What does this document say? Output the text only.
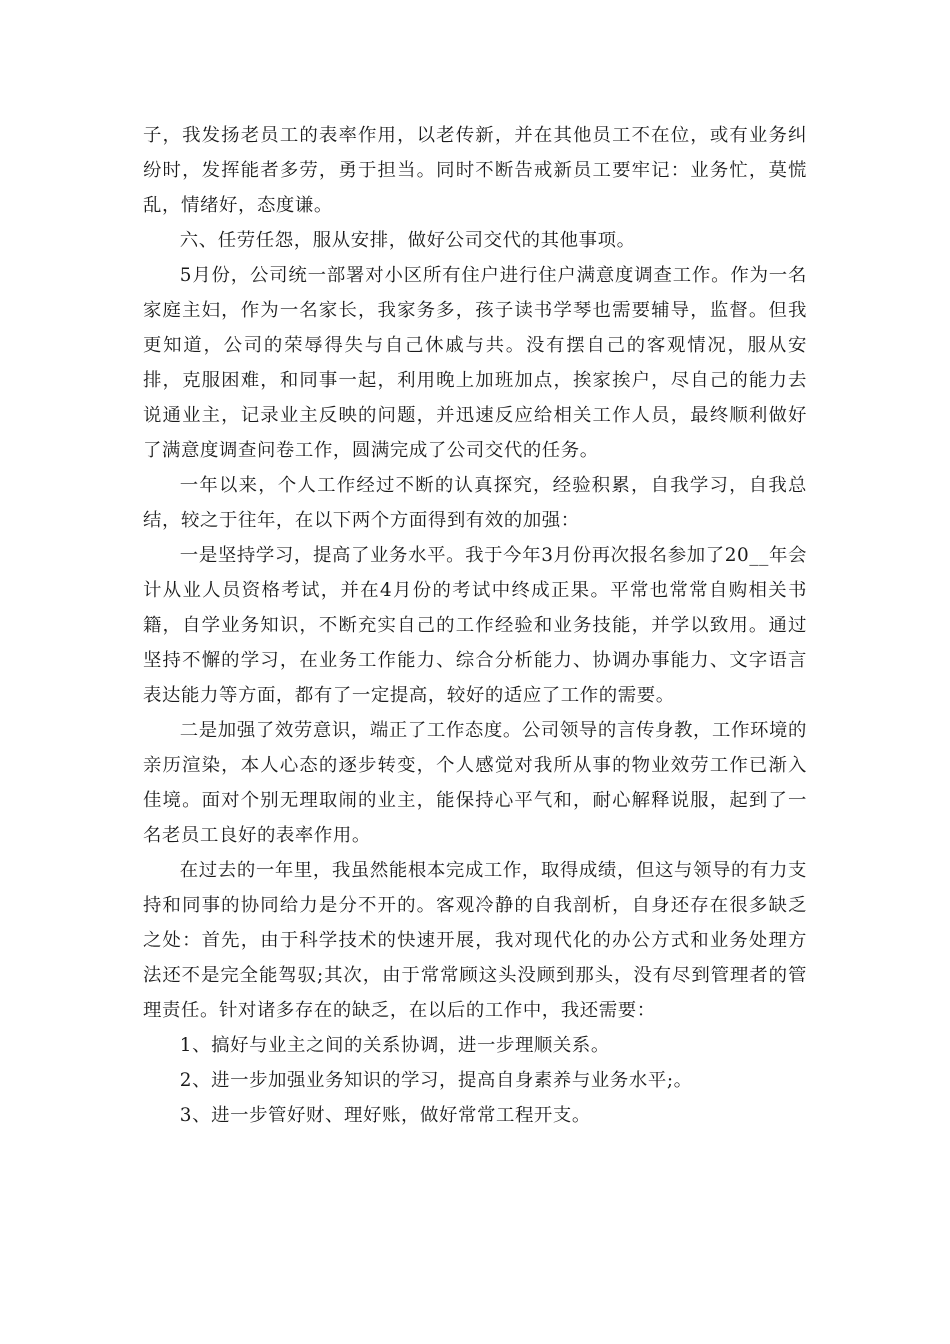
子，我发扬老员工的表率作用，以老传新，并在其他员工不在位，或有业务纠纷时，发挥能者多劳，勇于担当。同时不断告戒新员工要牢记：业务忙，莫慌乱，情绪好，态度谦。

六、任劳任怨，服从安排，做好公司交代的其他事项。

5月份，公司统一部署对小区所有住户进行住户满意度调查工作。作为一名家庭主妇，作为一名家长，我家务多，孩子读书学琴也需要辅导，监督。但我更知道，公司的荣辱得失与自己休戚与共。没有摆自己的客观情况，服从安排，克服困难，和同事一起，利用晚上加班加点，挨家挨户，尽自己的能力去说通业主，记录业主反映的问题，并迅速反应给相关工作人员，最终顺利做好了满意度调查问卷工作，圆满完成了公司交代的任务。

一年以来，个人工作经过不断的认真探究，经验积累，自我学习，自我总结，较之于往年，在以下两个方面得到有效的加强：

一是坚持学习，提高了业务水平。我于今年3月份再次报名参加了20__年会计从业人员资格考试，并在4月份的考试中终成正果。平常也常常自购相关书籍，自学业务知识，不断充实自己的工作经验和业务技能，并学以致用。通过坚持不懈的学习，在业务工作能力、综合分析能力、协调办事能力、文字语言表达能力等方面，都有了一定提高，较好的适应了工作的需要。

二是加强了效劳意识，端正了工作态度。公司领导的言传身教，工作环境的亲历渲染，本人心态的逐步转变，个人感觉对我所从事的物业效劳工作已渐入佳境。面对个别无理取闹的业主，能保持心平气和，耐心解释说服，起到了一名老员工良好的表率作用。

在过去的一年里，我虽然能根本完成工作，取得成绩，但这与领导的有力支持和同事的协同给力是分不开的。客观冷静的自我剖析，自身还存在很多缺乏之处：首先，由于科学技术的快速开展，我对现代化的办公方式和业务处理方法还不是完全能驾驭;其次，由于常常顾这头没顾到那头，没有尽到管理者的管理责任。针对诸多存在的缺乏，在以后的工作中，我还需要：

1、搞好与业主之间的关系协调，进一步理顺关系。

2、进一步加强业务知识的学习，提高自身素养与业务水平;。

3、进一步管好财、理好账，做好常常工程开支。
